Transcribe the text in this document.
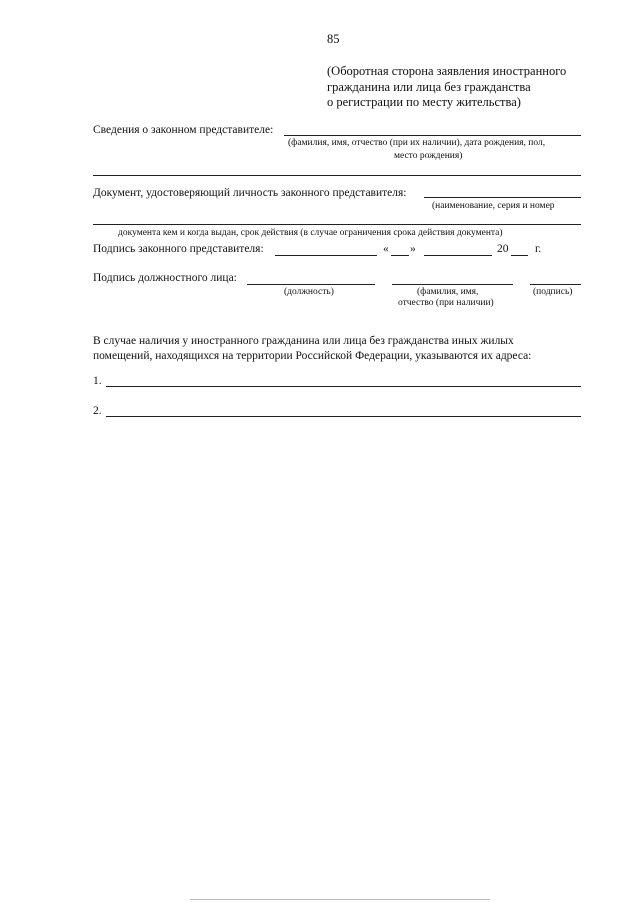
85
(Оборотная сторона заявления иностранного
гражданина или лица без гражданства
о регистрации по месту жительства)
Сведения о законном представителе:
(фамилия, имя, отчество (при их наличии), дата рождения, пол,
место рождения)
Документ, удостоверяющий личность законного представителя:
(наименование, серия и номер
документа кем и когда выдан, срок действия (в случае ограничения срока действия документа)
Подпись законного представителя:	« »	20 г.
Подпись должностного лица:
(должность)	(фамилия, имя,
отчество (при наличии)
(подпись)
В случае наличия у иностранного гражданина или лица без гражданства иных жилых
помещений, находящихся на территории Российской Федерации, указываются их адреса:
1.
2.
